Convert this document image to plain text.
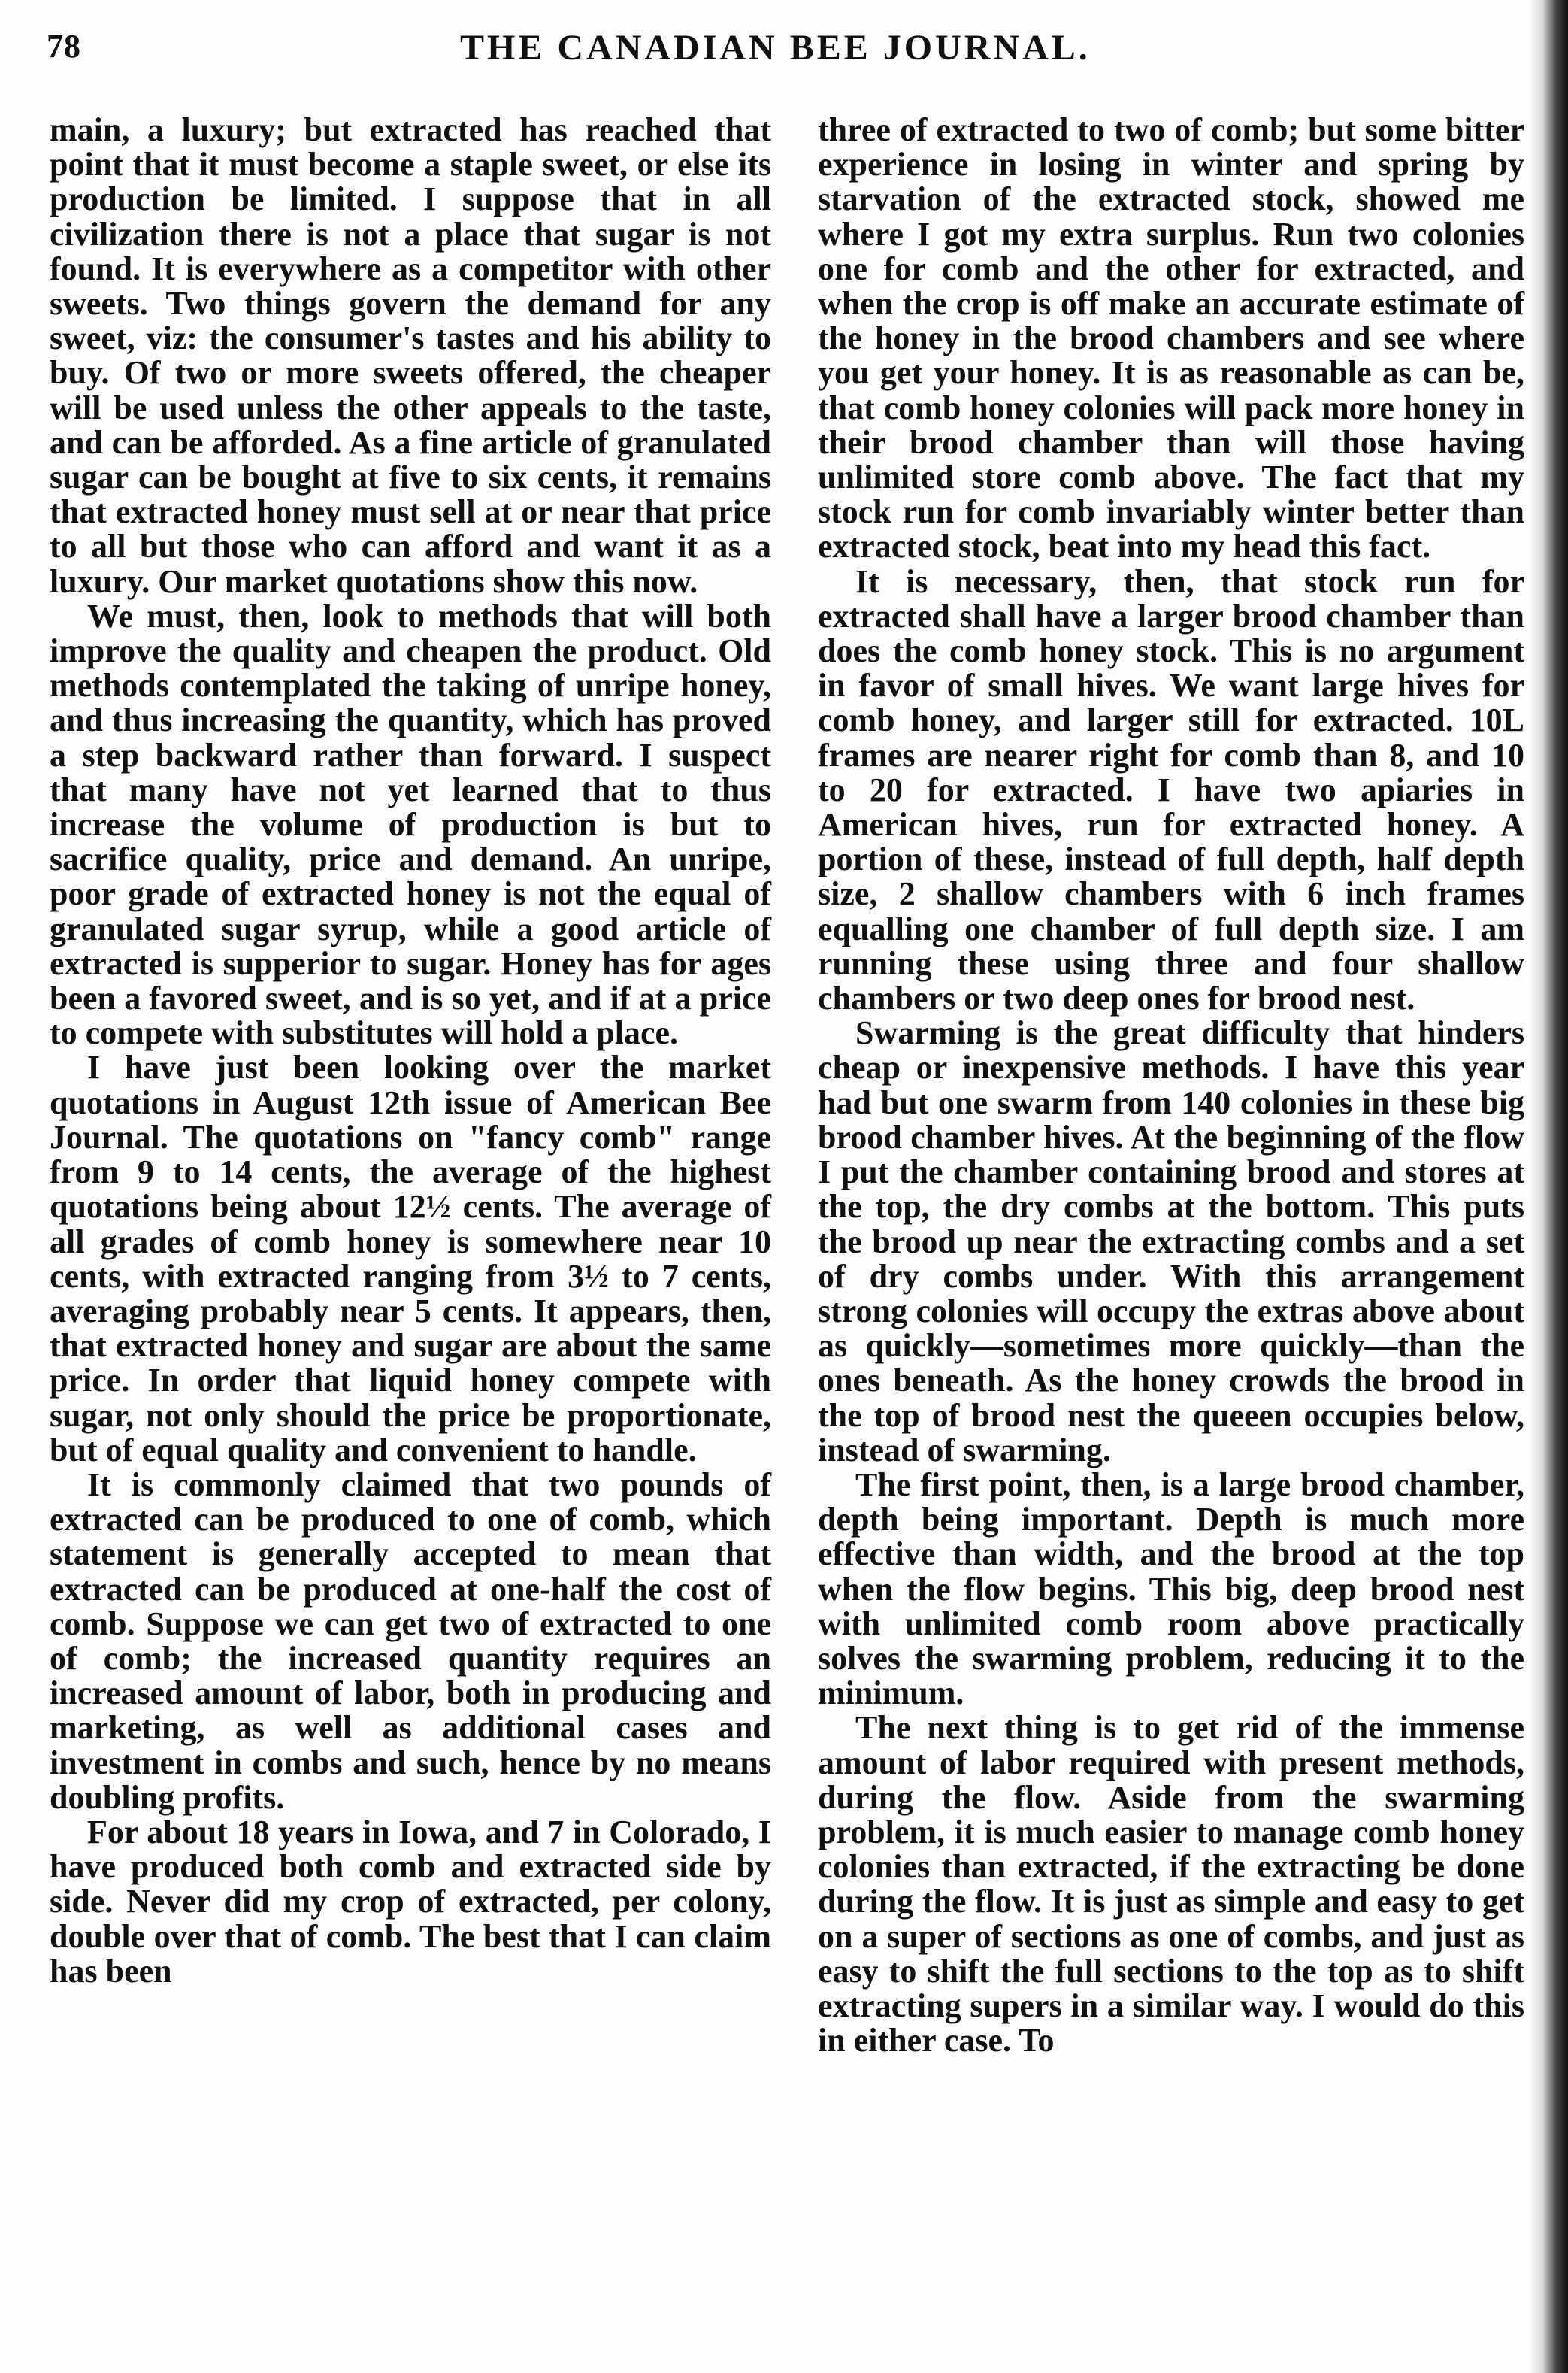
78	THE CANADIAN BEE JOURNAL.

main, a luxury; but extracted has reached that point that it must become a staple sweet, or else its production be limited. I suppose that in all civilization there is not a place that sugar is not found. It is everywhere as a competitor with other sweets. Two things govern the demand for any sweet, viz: the consumer's tastes and his ability to buy. Of two or more sweets offered, the cheaper will be used unless the other appeals to the taste, and can be afforded. As a fine article of granulated sugar can be bought at five to six cents, it remains that extracted honey must sell at or near that price to all but those who can afford and want it as a luxury. Our market quotations show this now.

We must, then, look to methods that will both improve the quality and cheapen the product. Old methods contemplated the taking of unripe honey, and thus increasing the quantity, which has proved a step backward rather than forward. I suspect that many have not yet learned that to thus increase the volume of production is but to sacrifice quality, price and demand. An unripe, poor grade of extracted honey is not the equal of granulated sugar syrup, while a good article of extracted is supperior to sugar. Honey has for ages been a favored sweet, and is so yet, and if at a price to compete with substitutes will hold a place.

I have just been looking over the market quotations in August 12th issue of American Bee Journal. The quotations on "fancy comb" range from 9 to 14 cents, the average of the highest quotations being about 12½ cents. The average of all grades of comb honey is somewhere near 10 cents, with extracted ranging from 3½ to 7 cents, averaging probably near 5 cents. It appears, then, that extracted honey and sugar are about the same price. In order that liquid honey compete with sugar, not only should the price be proportionate, but of equal quality and convenient to handle.

It is commonly claimed that two pounds of extracted can be produced to one of comb, which statement is generally accepted to mean that extracted can be produced at one-half the cost of comb. Suppose we can get two of extracted to one of comb; the increased quantity requires an increased amount of labor, both in producing and marketing, as well as additional cases and investment in combs and such, hence by no means doubling profits.

For about 18 years in Iowa, and 7 in Colorado, I have produced both comb and extracted side by side. Never did my crop of extracted, per colony, double over that of comb. The best that I can claim has been

three of extracted to two of comb; but some bitter experience in losing in winter and spring by starvation of the extracted stock, showed me where I got my extra surplus. Run two colonies one for comb and the other for extracted, and when the crop is off make an accurate estimate of the honey in the brood chambers and see where you get your honey. It is as reasonable as can be, that comb honey colonies will pack more honey in their brood chamber than will those having unlimited store comb above. The fact that my stock run for comb invariably winter better than extracted stock, beat into my head this fact.

It is necessary, then, that stock run for extracted shall have a larger brood chamber than does the comb honey stock. This is no argument in favor of small hives. We want large hives for comb honey, and larger still for extracted. 10L frames are nearer right for comb than 8, and 10 to 20 for extracted. I have two apiaries in American hives, run for extracted honey. A portion of these, instead of full depth, half depth size, 2 shallow chambers with 6 inch frames equalling one chamber of full depth size. I am running these using three and four shallow chambers or two deep ones for brood nest.

Swarming is the great difficulty that hinders cheap or inexpensive methods. I have this year had but one swarm from 140 colonies in these big brood chamber hives. At the beginning of the flow I put the chamber containing brood and stores at the top, the dry combs at the bottom. This puts the brood up near the extracting combs and a set of dry combs under. With this arrangement strong colonies will occupy the extras above about as quickly—sometimes more quickly—than the ones beneath. As the honey crowds the brood in the top of brood nest the queeen occupies below, instead of swarming.

The first point, then, is a large brood chamber, depth being important. Depth is much more effective than width, and the brood at the top when the flow begins. This big, deep brood nest with unlimited comb room above practically solves the swarming problem, reducing it to the minimum.

The next thing is to get rid of the immense amount of labor required with present methods, during the flow. Aside from the swarming problem, it is much easier to manage comb honey colonies than extracted, if the extracting be done during the flow. It is just as simple and easy to get on a super of sections as one of combs, and just as easy to shift the full sections to the top as to shift extracting supers in a similar way. I would do this in either case. To
